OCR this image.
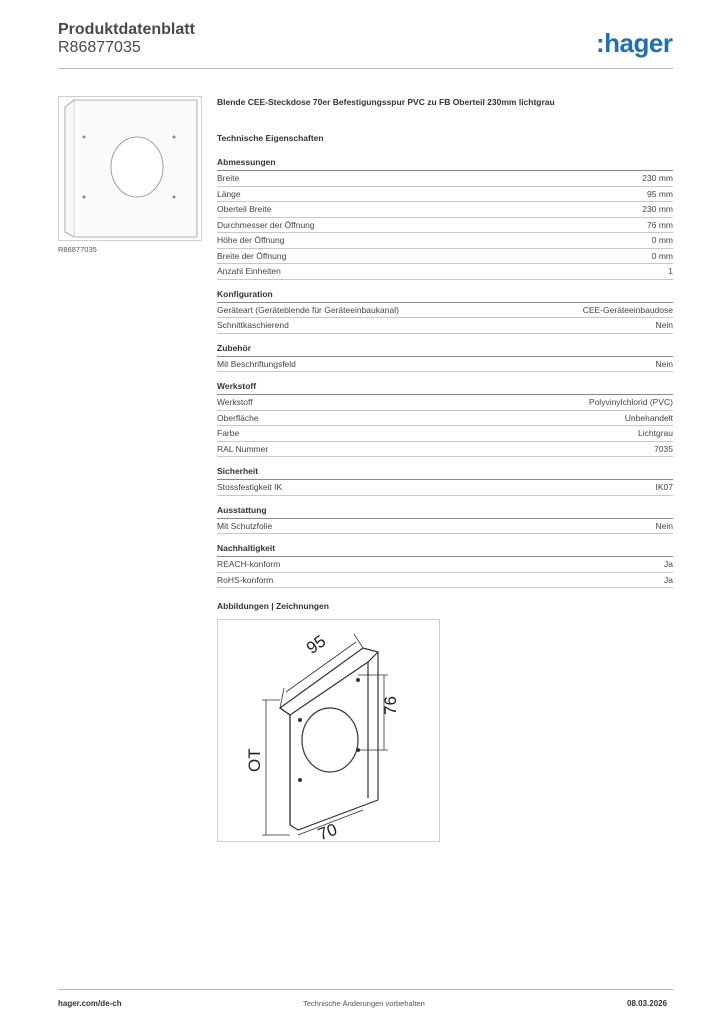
Produktdatenblatt
R86877035	:hager
R86877035
Blende CEE-Steckdose 70er Befestigungsspur PVC zu FB Oberteil 230mm lichtgrau
Technische Eigenschaften
Abmessungen
Breite	230 mm
Länge	95 mm
Oberteil Breite	230 mm
Durchmesser der Öffnung	76 mm
Höhe der Öffnung	0 mm
Breite der Öffnung	0 mm
Anzahl Einheiten	1
Konfiguration
Geräteart (Geräteblende für Geräteeinbaukanal)	CEE-Geräteeinbaudose
Schnittkaschierend	Nein
Zubehör
Mit Beschriftungsfeld	Nein
Werkstoff
Werkstoff	Polyvinylchlorid (PVC)
Oberfläche	Unbehandelt
Farbe	Lichtgrau
RAL Nummer	7035
Sicherheit
Stossfestigkeit IK	IK07
Ausstattung
Mit Schutzfolie	Nein
Nachhaltigkeit
REACH-konform	Ja
RoHS-konform	Ja
Abbildungen | Zeichnungen
95
76
OT
70
hager.com/de-ch	Technische Änderungen vorbehalten	08.03.2026
